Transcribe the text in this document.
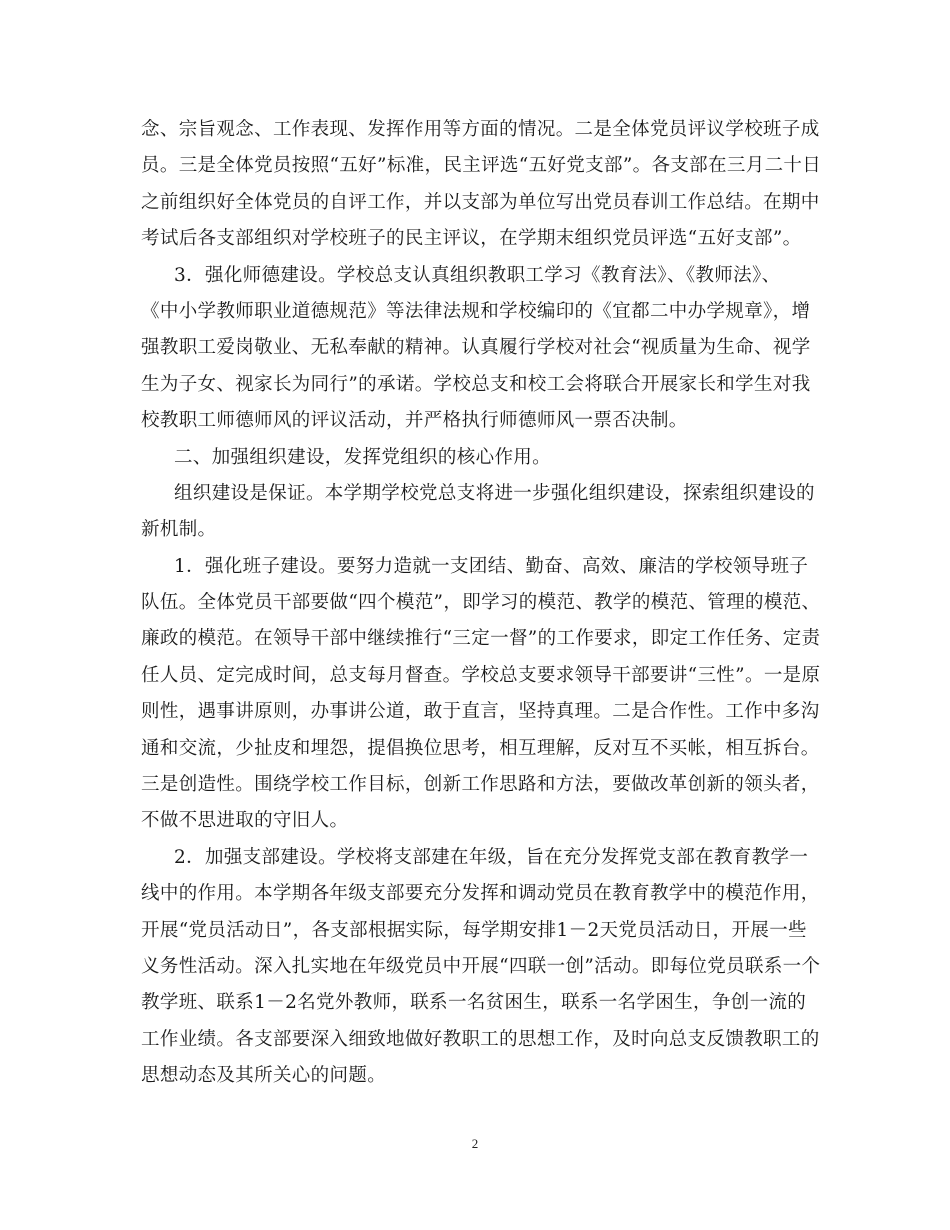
念、宗旨观念、工作表现、发挥作用等方面的情况。二是全体党员评议学校班子成
员。三是全体党员按照“五好”标准，民主评选“五好党支部”。各支部在三月二十日
之前组织好全体党员的自评工作，并以支部为单位写出党员春训工作总结。在期中
考试后各支部组织对学校班子的民主评议，在学期末组织党员评选“五好支部”。
3．强化师德建设。学校总支认真组织教职工学习《教育法》、《教师法》、
《中小学教师职业道德规范》等法律法规和学校编印的《宜都二中办学规章》，增
强教职工爱岗敬业、无私奉献的精神。认真履行学校对社会“视质量为生命、视学
生为子女、视家长为同行”的承诺。学校总支和校工会将联合开展家长和学生对我
校教职工师德师风的评议活动，并严格执行师德师风一票否决制。
二、加强组织建设，发挥党组织的核心作用。
组织建设是保证。本学期学校党总支将进一步强化组织建设，探索组织建设的
新机制。
1．强化班子建设。要努力造就一支团结、勤奋、高效、廉洁的学校领导班子
队伍。全体党员干部要做“四个模范”，即学习的模范、教学的模范、管理的模范、
廉政的模范。在领导干部中继续推行“三定一督”的工作要求，即定工作任务、定责
任人员、定完成时间，总支每月督查。学校总支要求领导干部要讲“三性”。一是原
则性，遇事讲原则，办事讲公道，敢于直言，坚持真理。二是合作性。工作中多沟
通和交流，少扯皮和埋怨，提倡换位思考，相互理解，反对互不买帐，相互拆台。
三是创造性。围绕学校工作目标，创新工作思路和方法，要做改革创新的领头者，
不做不思进取的守旧人。
2．加强支部建设。学校将支部建在年级，旨在充分发挥党支部在教育教学一
线中的作用。本学期各年级支部要充分发挥和调动党员在教育教学中的模范作用，
开展“党员活动日”，各支部根据实际，每学期安排1－2天党员活动日，开展一些
义务性活动。深入扎实地在年级党员中开展“四联一创”活动。即每位党员联系一个
教学班、联系1－2名党外教师，联系一名贫困生，联系一名学困生，争创一流的
工作业绩。各支部要深入细致地做好教职工的思想工作，及时向总支反馈教职工的
思想动态及其所关心的问题。
2
